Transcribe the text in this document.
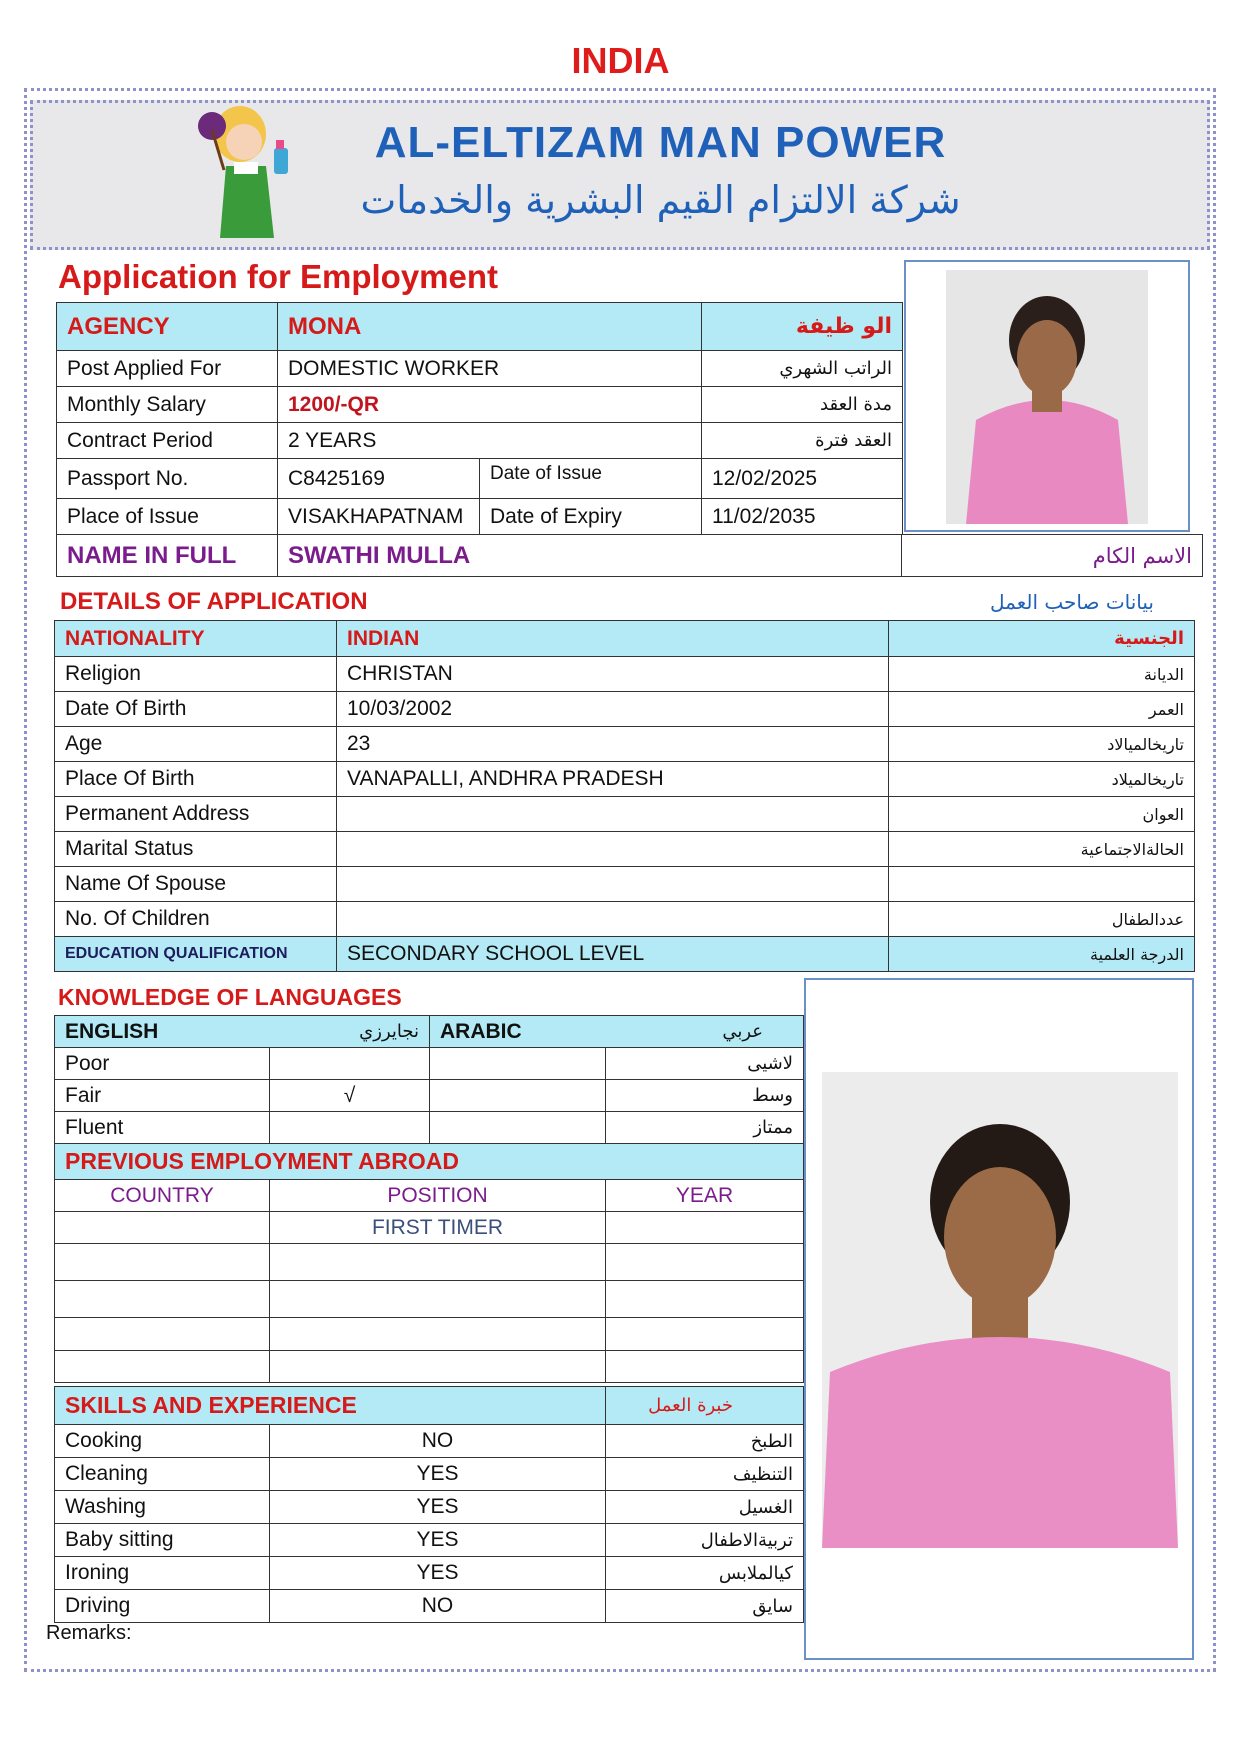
INDIA
AL-ELTIZAM MAN POWER
شركة الالتزام القيم البشرية والخدمات
Application for Employment
AGENCY	MONA	الو ظيفة
Post Applied For	DOMESTIC WORKER	الراتب الشهري
Monthly Salary	1200/-QR	مدة العقد
Contract Period	2 YEARS	العقد فترة
Passport No.	C8425169	Date of Issue	12/02/2025
Place of Issue	VISAKHAPATNAM	Date of Expiry	11/02/2035
NAME IN FULL	SWATHI MULLA	الاسم الكام
DETAILS OF APPLICATION	بيانات صاحب العمل
NATIONALITY	INDIAN	الجنسية
Religion	CHRISTAN	الديانة
Date Of Birth	10/03/2002	العمر
Age	23	تاريخالميالاد
Place Of Birth	VANAPALLI, ANDHRA PRADESH	تاريخالميلاد
Permanent Address		العوان
Marital Status		الحالةالاجتماعية
Name Of Spouse		
No. Of Children		عددالطفال
EDUCATION QUALIFICATION	SECONDARY SCHOOL LEVEL	الدرجة العلمية
KNOWLEDGE OF LANGUAGES
ENGLISH	نجايرزي	ARABIC	عربي
Poor			لاشيى
Fair	√		وسط
Fluent			ممتاز
PREVIOUS EMPLOYMENT ABROAD		
COUNTRY	POSITION	YEAR
	FIRST TIMER	

SKILLS AND EXPERIENCE		خبرة العمل
Cooking	NO	الطبخ
Cleaning	YES	التنظيف
Washing	YES	الغسيل
Baby sitting	YES	تربيةالاطفال
Ironing	YES	كيالملابس
Driving	NO	سايق
Remarks:
